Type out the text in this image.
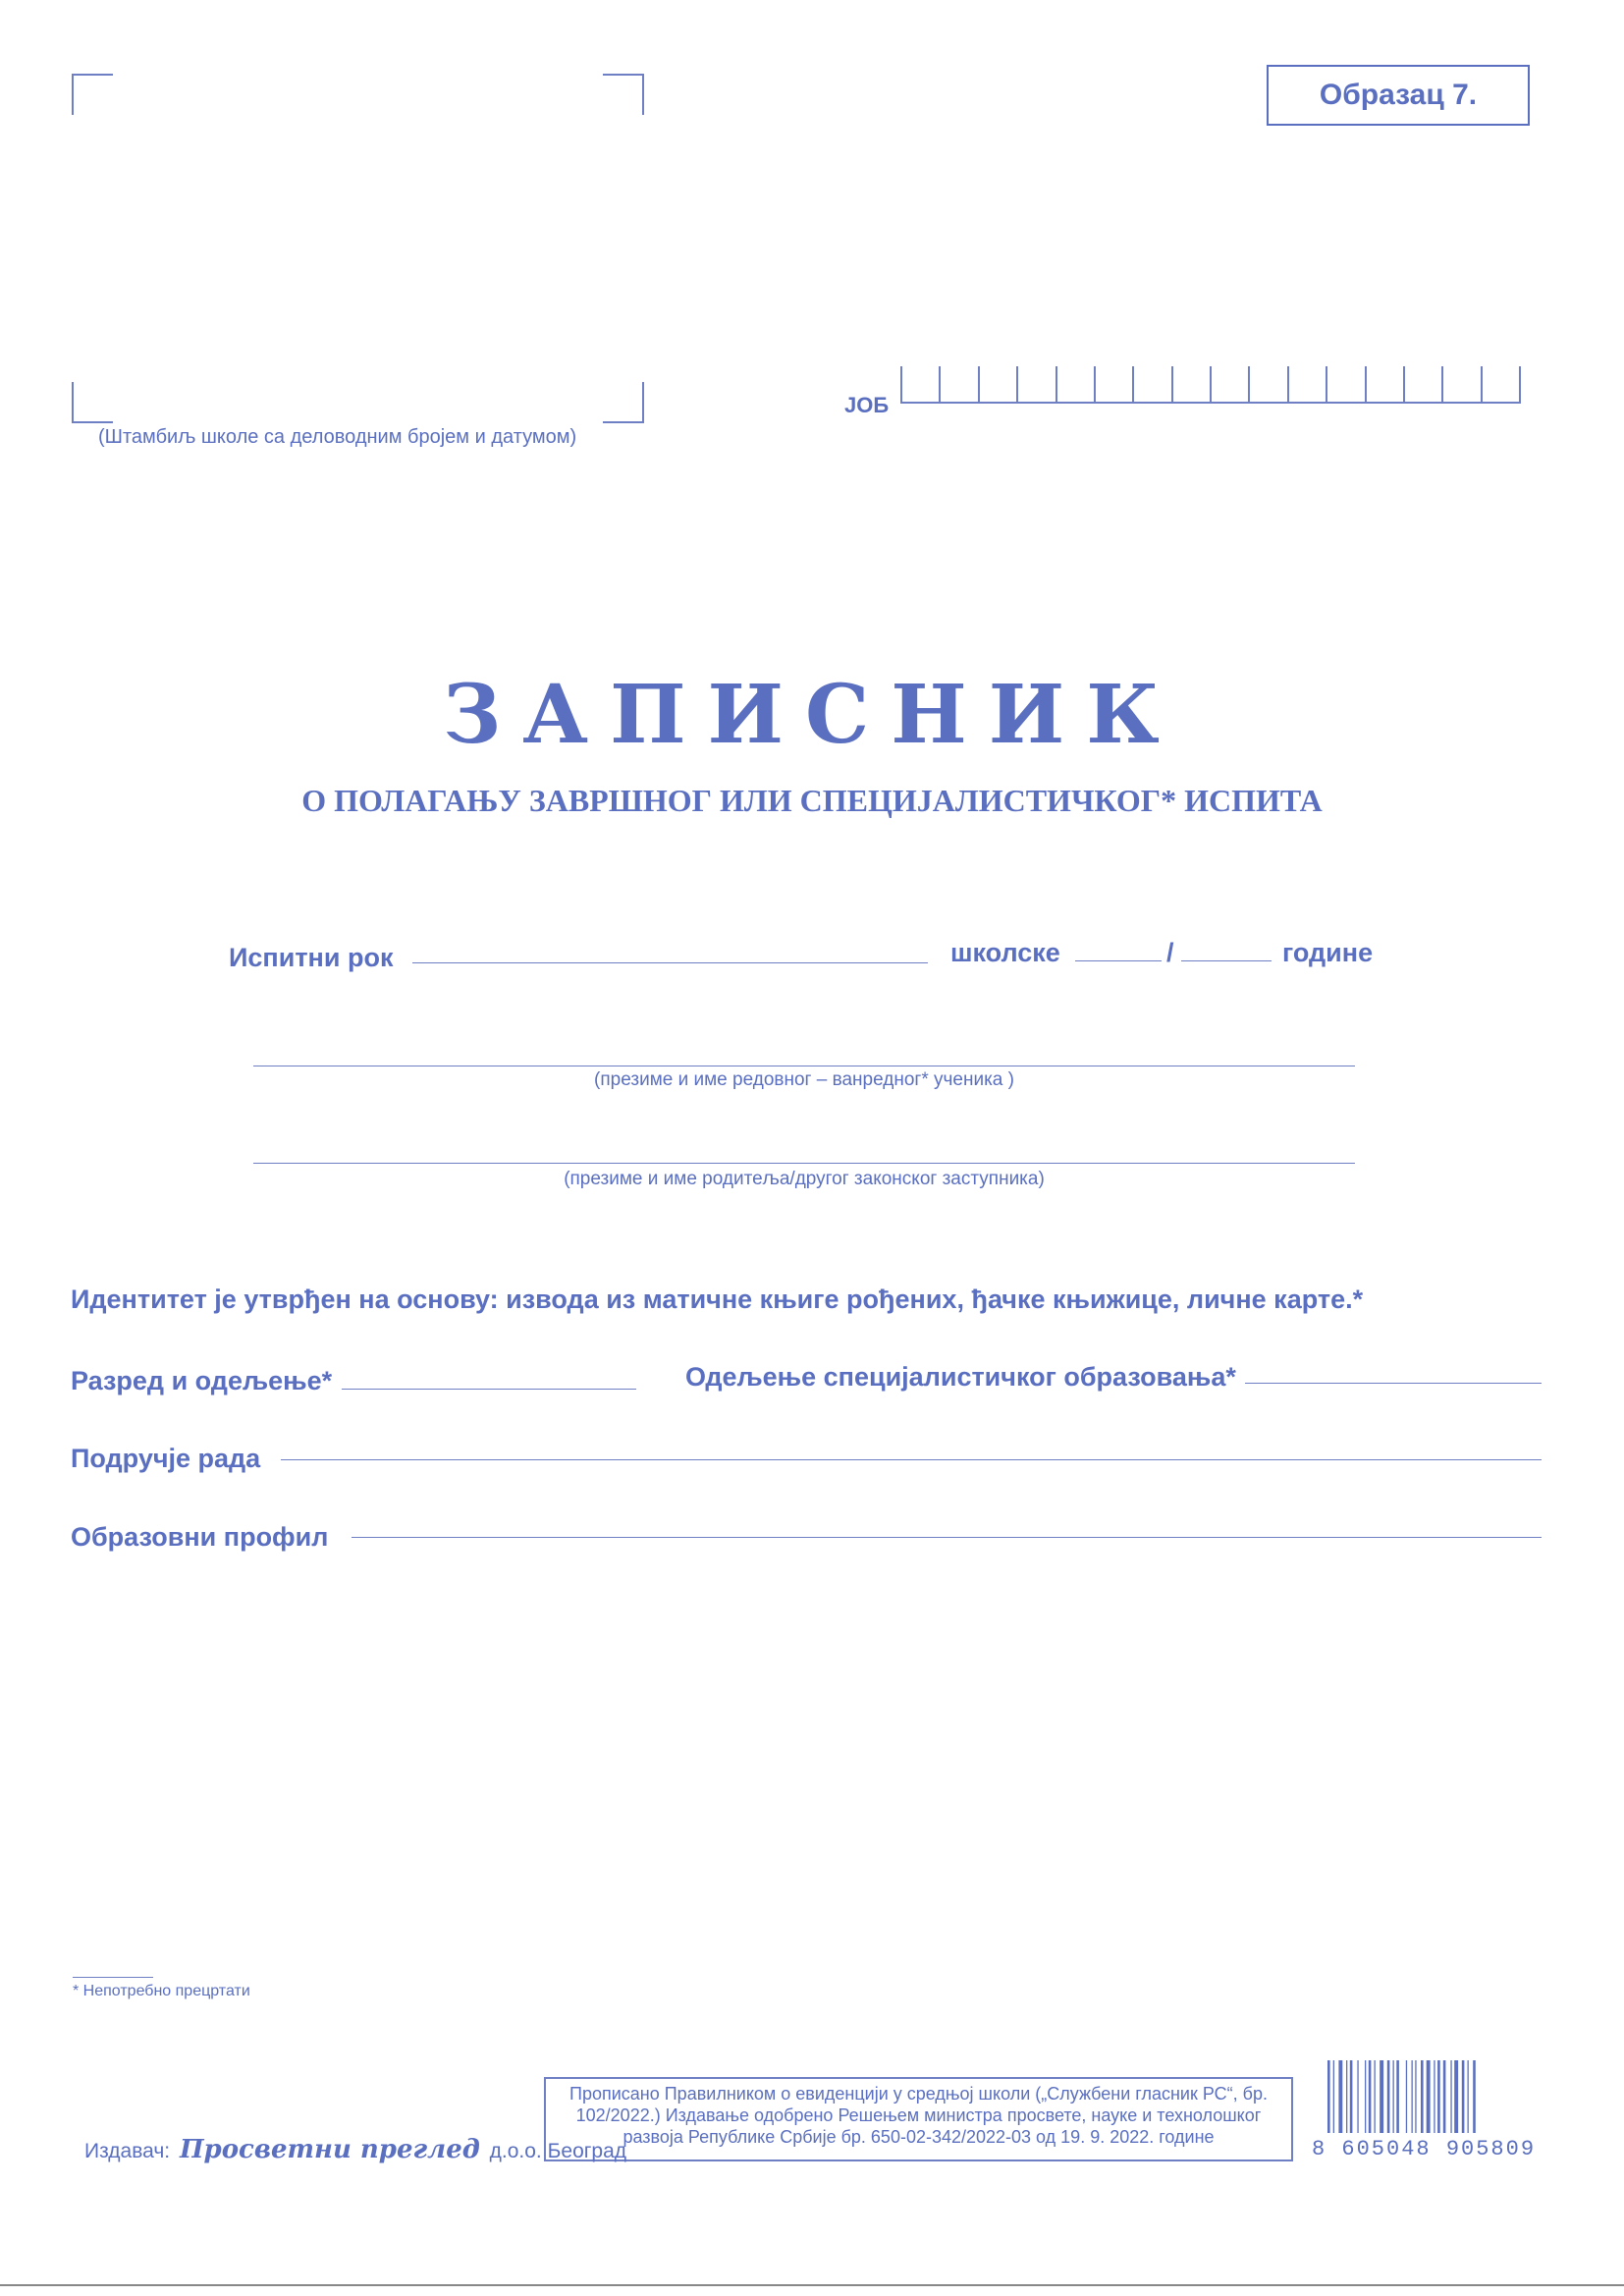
(Штамбиљ школе са деловодним бројем и датумом)
Образац 7.
ЈОБ
ЗАПИСНИК
О ПОЛАГАЊУ ЗАВРШНОГ ИЛИ СПЕЦИЈАЛИСТИЧКОГ* ИСПИТА
Испитни рок	школске	/	године
(презиме и име редовног – ванредног* ученика )
(презиме и име родитеља/другог законског заступника)
Идентитет је утврђен на основу: извода из матичне књиге рођених, ђачке књижице, личне карте.*
Разред и одељење*	Одељење специјалистичког образовања*
Подручје рада
Образовни профил
* Непотребно прецртати
Прописано Правилником о евиденцији у средњој школи („Службени гласник РС“, бр. 102/2022.) Издавање одобрено Решењем министра просвете, науке и технолошког развоја Републике Србије бр. 650-02-342/2022-03 од 19. 9. 2022. године
Издавач: Просветни преглед д.о.о. Београд	8 605048 905809
